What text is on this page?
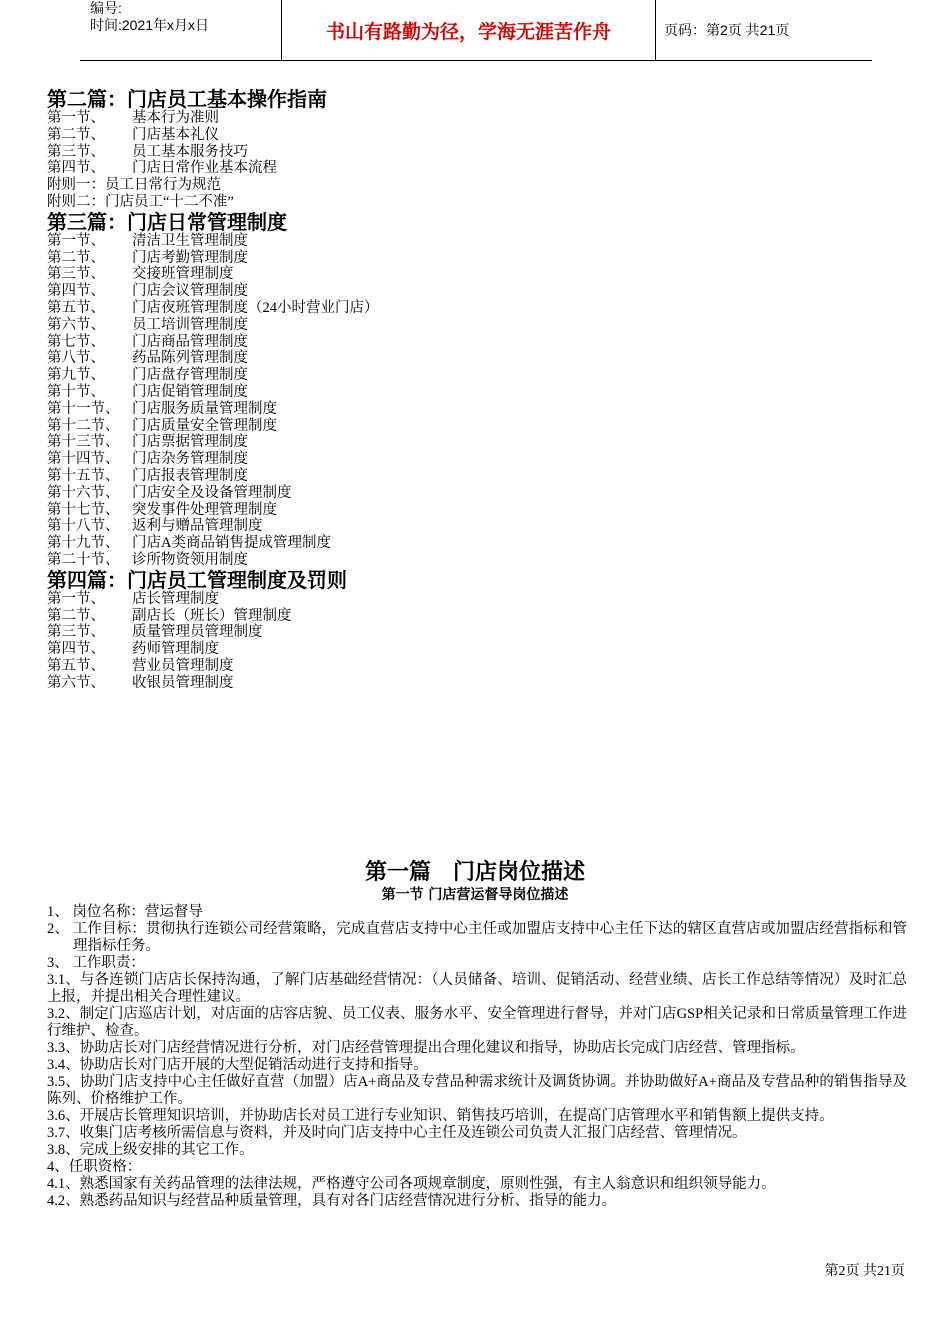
编号:
时间:2021年x月x日	书山有路勤为径，学海无涯苦作舟	页码：第2页 共21页
第二篇：门店员工基本操作指南
第一节、 基本行为准则
第二节、 门店基本礼仪
第三节、 员工基本服务技巧
第四节、 门店日常作业基本流程
附则一：员工日常行为规范
附则二：门店员工“十二不准”
第三篇：门店日常管理制度
第一节、 清洁卫生管理制度
第二节、 门店考勤管理制度
第三节、 交接班管理制度
第四节、 门店会议管理制度
第五节、 门店夜班管理制度（24小时营业门店）
第六节、 员工培训管理制度
第七节、 门店商品管理制度
第八节、 药品陈列管理制度
第九节、 门店盘存管理制度
第十节、 门店促销管理制度
第十一节、 门店服务质量管理制度
第十二节、 门店质量安全管理制度
第十三节、 门店票据管理制度
第十四节、 门店杂务管理制度
第十五节、 门店报表管理制度
第十六节、 门店安全及设备管理制度
第十七节、 突发事件处理管理制度
第十八节、 返利与赠品管理制度
第十九节、 门店A类商品销售提成管理制度
第二十节、 诊所物资领用制度
第四篇：门店员工管理制度及罚则
第一节、 店长管理制度
第二节、 副店长（班长）管理制度
第三节、 质量管理员管理制度
第四节、 药师管理制度
第五节、 营业员管理制度
第六节、 收银员管理制度
第一篇　门店岗位描述
第一节 门店营运督导岗位描述

1、 岗位名称：营运督导

2、 工作目标：贯彻执行连锁公司经营策略，完成直营店支持中心主任或加盟店支持中心主任下达的辖区直营店或加盟店经营指标和管理指标任务。

3、 工作职责：

3.1、与各连锁门店店长保持沟通，了解门店基础经营情况：（人员储备、培训、促销活动、经营业绩、店长工作总结等情况）及时汇总上报，并提出相关合理性建议。

3.2、制定门店巡店计划，对店面的店容店貌、员工仪表、服务水平、安全管理进行督导，并对门店GSP相关记录和日常质量管理工作进行维护、检查。

3.3、协助店长对门店经营情况进行分析，对门店经营管理提出合理化建议和指导，协助店长完成门店经营、管理指标。

3.4、协助店长对门店开展的大型促销活动进行支持和指导。

3.5、协助门店支持中心主任做好直营（加盟）店A+商品及专营品种需求统计及调货协调。并协助做好A+商品及专营品种的销售指导及陈列、价格维护工作。

3.6、开展店长管理知识培训，并协助店长对员工进行专业知识、销售技巧培训，在提高门店管理水平和销售额上提供支持。

3.7、收集门店考核所需信息与资料，并及时向门店支持中心主任及连锁公司负责人汇报门店经营、管理情况。

3.8、完成上级安排的其它工作。

4、任职资格：

4.1、熟悉国家有关药品管理的法律法规，严格遵守公司各项规章制度，原则性强，有主人翁意识和组织领导能力。

4.2、熟悉药品知识与经营品种质量管理，具有对各门店经营情况进行分析、指导的能力。

第2页 共21页
